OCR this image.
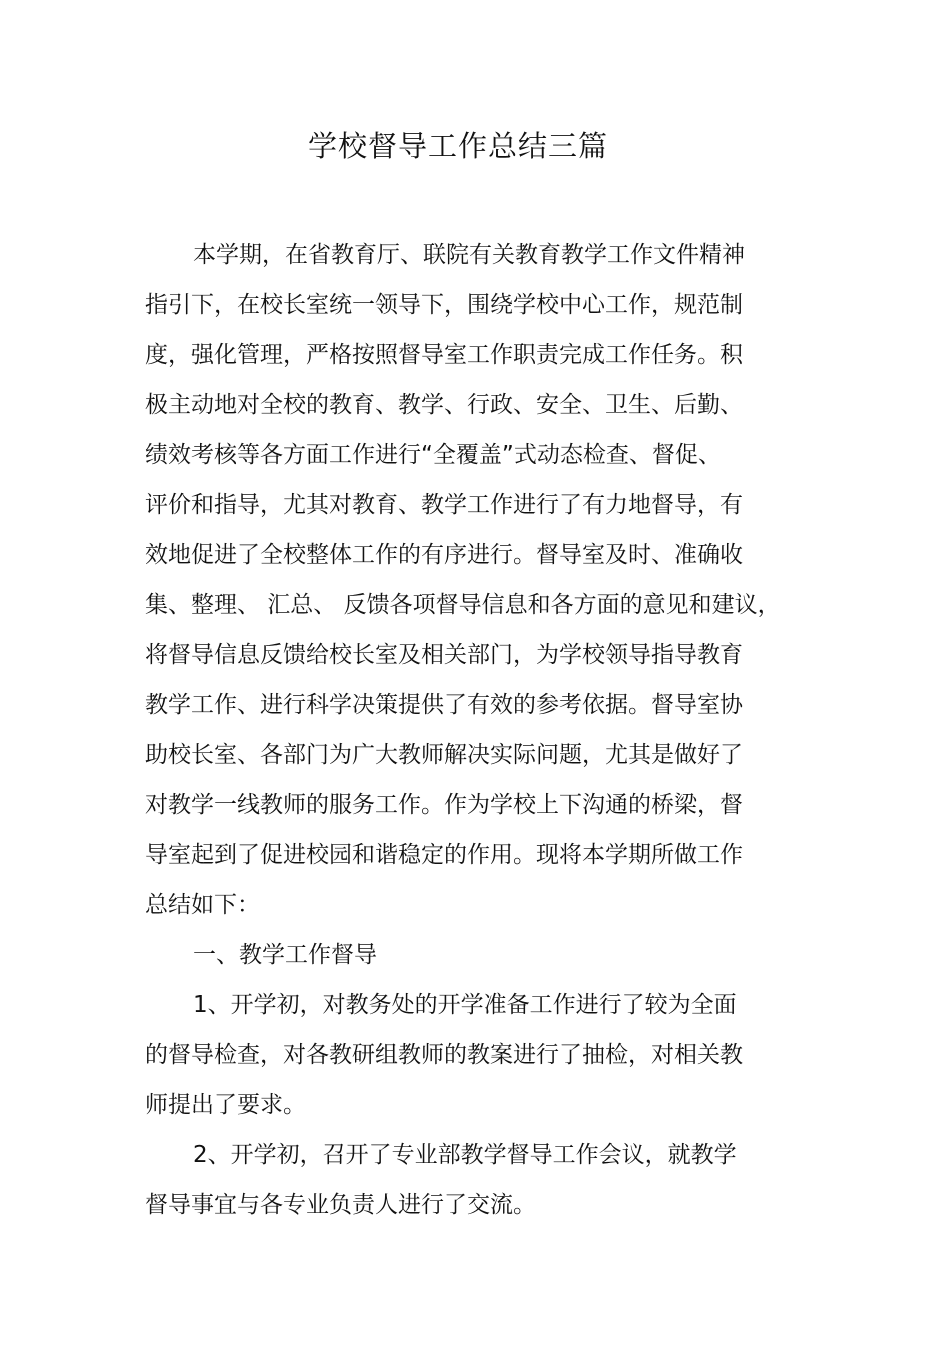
学校督导工作总结三篇
本学期，在省教育厅、联院有关教育教学工作文件精神
指引下，在校长室统一领导下，围绕学校中心工作，规范制
度，强化管理，严格按照督导室工作职责完成工作任务。积
极主动地对全校的教育、教学、行政、安全、卫生、后勤、
绩效考核等各方面工作进行“全覆盖”式动态检查、督促、
评价和指导，尤其对教育、教学工作进行了有力地督导，有
效地促进了全校整体工作的有序进行。督导室及时、准确收
集、整理、 汇总、 反馈各项督导信息和各方面的意见和建议，
将督导信息反馈给校长室及相关部门，为学校领导指导教育
教学工作、进行科学决策提供了有效的参考依据。督导室协
助校长室、各部门为广大教师解决实际问题，尤其是做好了
对教学一线教师的服务工作。作为学校上下沟通的桥梁，督
导室起到了促进校园和谐稳定的作用。现将本学期所做工作
总结如下：
一、教学工作督导
1、开学初，对教务处的开学准备工作进行了较为全面
的督导检查，对各教研组教师的教案进行了抽检，对相关教
师提出了要求。
2、开学初，召开了专业部教学督导工作会议，就教学
督导事宜与各专业负责人进行了交流。
